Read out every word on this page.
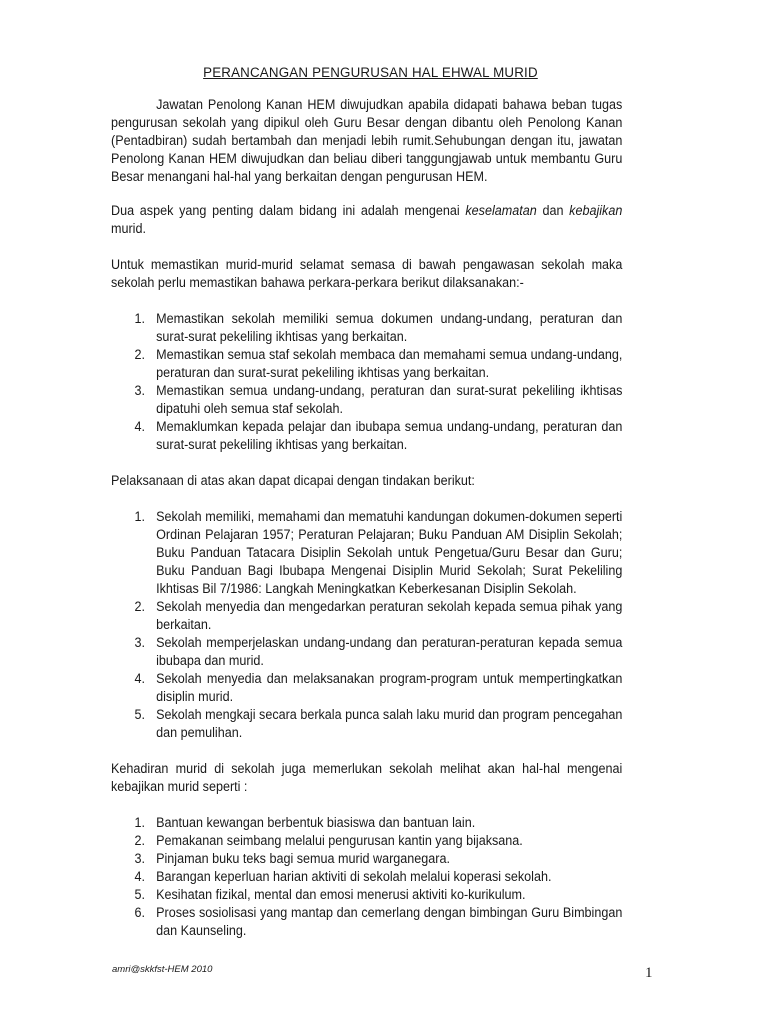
PERANCANGAN PENGURUSAN HAL EHWAL MURID

Jawatan Penolong Kanan HEM diwujudkan apabila didapati bahawa beban tugas pengurusan sekolah yang dipikul oleh Guru Besar dengan dibantu oleh Penolong Kanan (Pentadbiran) sudah bertambah dan menjadi lebih rumit.Sehubungan dengan itu, jawatan Penolong Kanan HEM diwujudkan dan beliau diberi tanggungjawab untuk membantu Guru Besar menangani hal-hal yang berkaitan dengan pengurusan HEM.

Dua aspek yang penting dalam bidang ini adalah mengenai keselamatan dan kebajikan murid.

Untuk memastikan murid-murid selamat semasa di bawah pengawasan sekolah maka sekolah perlu memastikan bahawa perkara-perkara berikut dilaksanakan:-

1. Memastikan sekolah memiliki semua dokumen undang-undang, peraturan dan surat-surat pekeliling ikhtisas yang berkaitan.
2. Memastikan semua staf sekolah membaca dan memahami semua undang-undang, peraturan dan surat-surat pekeliling ikhtisas yang berkaitan.
3. Memastikan semua undang-undang, peraturan dan surat-surat pekeliling ikhtisas dipatuhi oleh semua staf sekolah.
4. Memaklumkan kepada pelajar dan ibubapa semua undang-undang, peraturan dan surat-surat pekeliling ikhtisas yang berkaitan.

Pelaksanaan di atas akan dapat dicapai dengan tindakan berikut:

1. Sekolah memiliki, memahami dan mematuhi kandungan dokumen-dokumen seperti Ordinan Pelajaran 1957; Peraturan Pelajaran; Buku Panduan AM Disiplin Sekolah; Buku Panduan Tatacara Disiplin Sekolah untuk Pengetua/Guru Besar dan Guru; Buku Panduan Bagi Ibubapa Mengenai Disiplin Murid Sekolah; Surat Pekeliling Ikhtisas Bil 7/1986: Langkah Meningkatkan Keberkesanan Disiplin Sekolah.
2. Sekolah menyedia dan mengedarkan peraturan sekolah kepada semua pihak yang berkaitan.
3. Sekolah memperjelaskan undang-undang dan peraturan-peraturan kepada semua ibubapa dan murid.
4. Sekolah menyedia dan melaksanakan program-program untuk mempertingkatkan disiplin murid.
5. Sekolah mengkaji secara berkala punca salah laku murid dan program pencegahan dan pemulihan.

Kehadiran murid di sekolah juga memerlukan sekolah melihat akan hal-hal mengenai kebajikan murid seperti :

1. Bantuan kewangan berbentuk biasiswa dan bantuan lain.
2. Pemakanan seimbang melalui pengurusan kantin yang bijaksana.
3. Pinjaman buku teks bagi semua murid warganegara.
4. Barangan keperluan harian aktiviti di sekolah melalui koperasi sekolah.
5. Kesihatan fizikal, mental dan emosi menerusi aktiviti ko-kurikulum.
6. Proses sosiolisasi yang mantap dan cemerlang dengan bimbingan Guru Bimbingan dan Kaunseling.
amri@skkfst-HEM 2010	1
